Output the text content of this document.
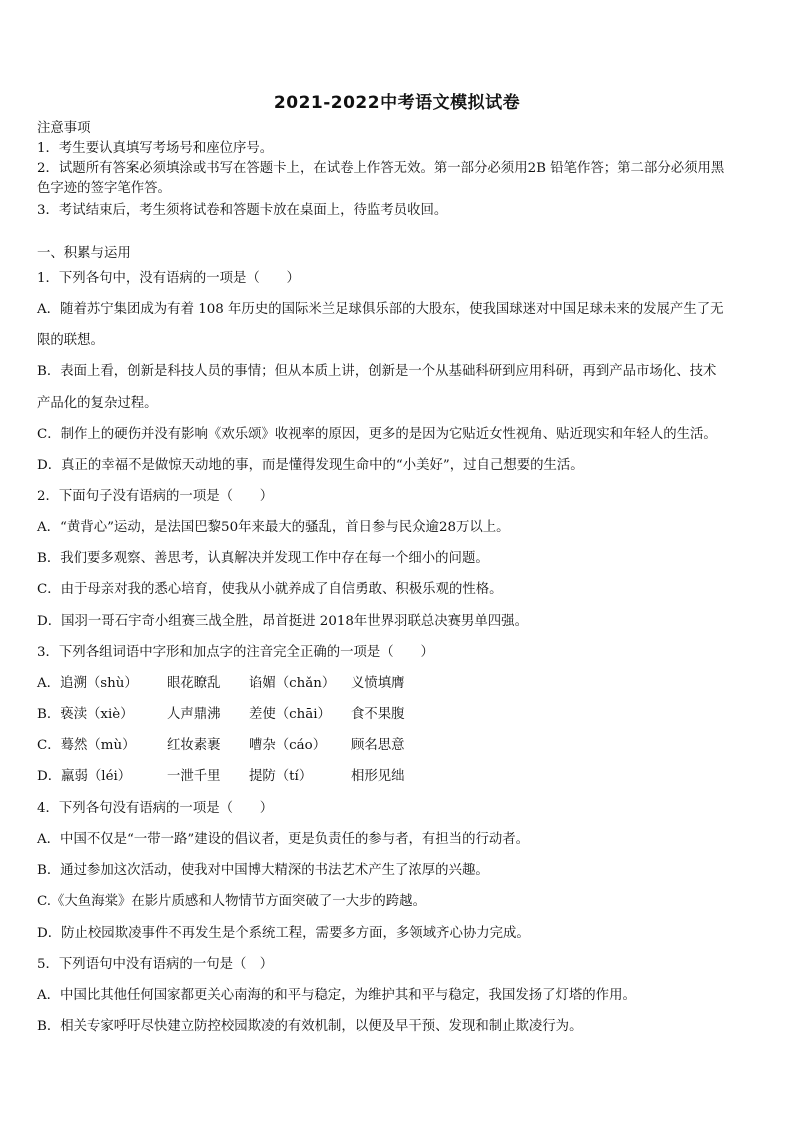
2021-2022中考语文模拟试卷
注意事项
1．考生要认真填写考场号和座位序号。
2．试题所有答案必须填涂或书写在答题卡上，在试卷上作答无效。第一部分必须用2B 铅笔作答；第二部分必须用黑
色字迹的签字笔作答。
3．考试结束后，考生须将试卷和答题卡放在桌面上，待监考员收回。
一、积累与运用
1．下列各句中，没有语病的一项是（　　）
A．随着苏宁集团成为有着 108 年历史的国际米兰足球俱乐部的大股东，使我国球迷对中国足球未来的发展产生了无
限的联想。
B．表面上看，创新是科技人员的事情；但从本质上讲，创新是一个从基础科研到应用科研，再到产品市场化、技术
产品化的复杂过程。
C．制作上的硬伤并没有影响《欢乐颂》收视率的原因，更多的是因为它贴近女性视角、贴近现实和年轻人的生活。
D．真正的幸福不是做惊天动地的事，而是懂得发现生命中的“小美好”，过自己想要的生活。
2．下面句子没有语病的一项是（　　）
A．“黄背心”运动，是法国巴黎50年来最大的骚乱，首日参与民众逾28万以上。
B．我们要多观察、善思考，认真解决并发现工作中存在每一个细小的问题。
C．由于母亲对我的悉心培育，使我从小就养成了自信勇敢、积极乐观的性格。
D．国羽一哥石宇奇小组赛三战全胜，昂首挺进 2018年世界羽联总决赛男单四强。
3．下列各组词语中字形和加点字的注音完全正确的一项是（　　）
A．追溯（shù） 眼花瞭乱 谄媚（chǎn） 义愤填膺
B．亵渎（xiè） 人声鼎沸 差使（chāi） 食不果腹
C．蓦然（mù） 红妆素裹 嘈杂（cáo） 顾名思意
D．羸弱（léi）	一泄千里 提防（tí）	相形见绌
4．下列各句没有语病的一项是（　　）
A．中国不仅是“一带一路”建设的倡议者，更是负责任的参与者，有担当的行动者。
B．通过参加这次活动，使我对中国博大精深的书法艺术产生了浓厚的兴趣。
C.《大鱼海棠》在影片质感和人物情节方面突破了一大步的跨越。
D．防止校园欺凌事件不再发生是个系统工程，需要多方面，多领域齐心协力完成。
5．下列语句中没有语病的一句是（　）
A．中国比其他任何国家都更关心南海的和平与稳定，为维护其和平与稳定，我国发扬了灯塔的作用。
B．相关专家呼吁尽快建立防控校园欺凌的有效机制，以便及早干预、发现和制止欺凌行为。
